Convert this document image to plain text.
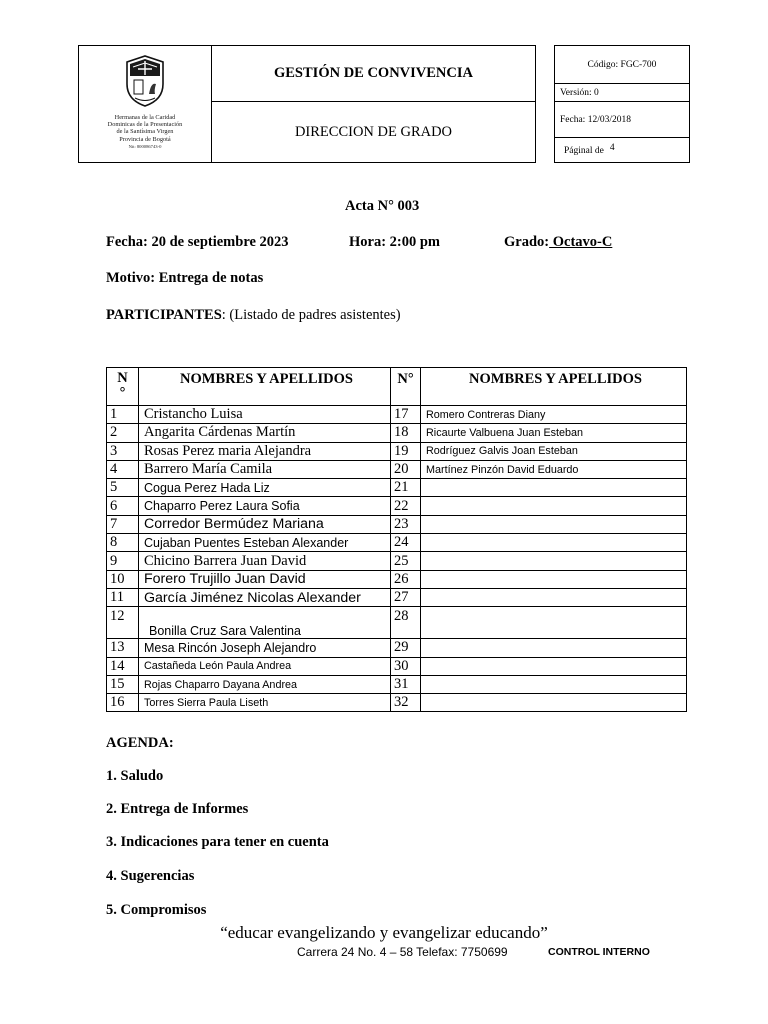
Hermanas de la Caridad
Dominicas de la Presentación
de la Santísima Virgen
Provincia de Bogotá
Nit: 800086743-0
GESTIÓN DE CONVIVENCIA
DIRECCION DE GRADO
Código: FGC-700
Versión: 0
Fecha: 12/03/2018
Páginal de 4
Acta N° 003
Fecha: 20 de septiembre 2023	Hora: 2:00 pm	Grado: Octavo-C
Motivo: Entrega de notas
PARTICIPANTES: (Listado de padres asistentes)
N
°	NOMBRES Y APELLIDOS	N°	NOMBRES Y APELLIDOS
1	Cristancho Luisa	17	Romero Contreras Diany
2	Angarita Cárdenas Martín	18	Ricaurte Valbuena Juan Esteban
3	Rosas Perez maria Alejandra	19	Rodríguez Galvis Joan Esteban
4	Barrero María Camila	20	Martínez Pinzón David Eduardo
5	Cogua Perez Hada Liz	21	
6	Chaparro Perez Laura Sofia	22	
7	Corredor Bermúdez Mariana	23	
8	Cujaban Puentes Esteban Alexander	24	
9	Chicino Barrera Juan David	25	
10	Forero Trujillo Juan David	26	
11	García Jiménez Nicolas Alexander	27	
12	Bonilla Cruz Sara Valentina	28	
13	Mesa Rincón Joseph Alejandro	29	
14	Castañeda León Paula Andrea	30	
15	Rojas Chaparro Dayana Andrea	31	
16	Torres Sierra Paula Liseth	32	
AGENDA:
1. Saludo
2. Entrega de Informes
3. Indicaciones para tener en cuenta
4. Sugerencias
5. Compromisos
“educar evangelizando y evangelizar educando”
Carrera 24 No. 4 – 58 Telefax: 7750699	CONTROL INTERNO
